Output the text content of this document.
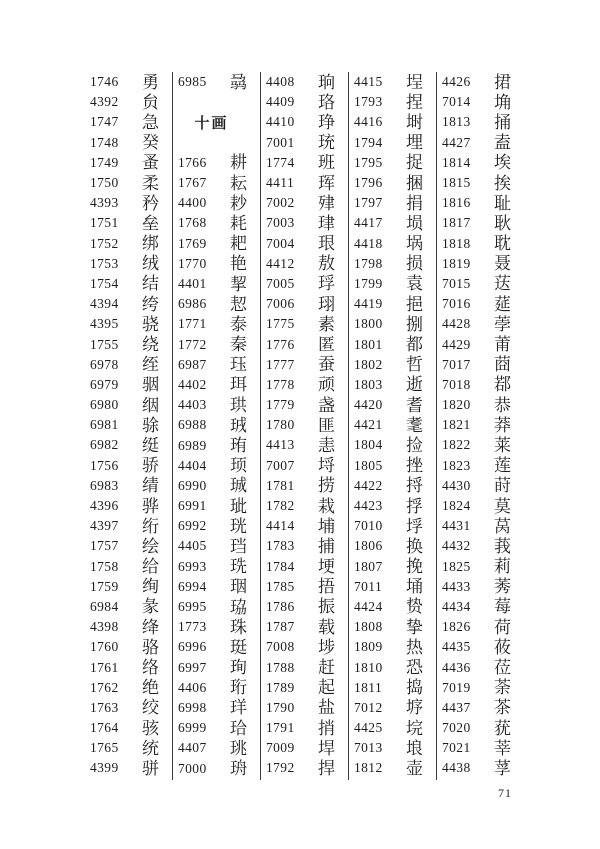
1746	勇
4392	贠
1747	急
1748	癸
1749	蚤
1750	柔
4393	矜
1751	垒
1752	绑
1753	绒
1754	结
4394	绔
4395	骁
1755	绕
6978	绖
6979	骃
6980	𬘡
6981	𬳿
6982	𬘩
1756	骄
6983	𬘬
4396	骅
4397	绗
1757	绘
1758	给
1759	绚
6984	彖
4398	绛
1760	骆
1761	络
1762	绝
1763	绞
1764	骇
1765	统
4399	骈
6985	骉
十画
1766	耕
1767	耘
4400	耖
1768	耗
1769	耙
1770	艳
4401	挈
6986	恝
1771	泰
1772	秦
6987	珏
4402	珥
4403	珙
6988	珬
6989	珛
4404	顼
6990	珹
6991	玼
6992	珖
4405	珰
6993	珗
6994	珚
6995	珕
1773	珠
6996	珽
6997	珣
4406	珩
6998	珜
6999	珨
4407	珧
7000	珘
4408	珦
4409	珞
4410	琤
7001	珫
1774	班
4411	珲
7002	肂
7003	珒
7004	珢
4412	敖
7005	琈
7006	珝
1775	素
1776	匿
1777	蚕
1778	顽
1779	盏
1780	匪
4413	恚
7007	埒
1781	捞
1782	栽
4414	埔
1783	捕
1784	埂
1785	捂
1786	振
1787	载
7008	埗
1788	赶
1789	起
1790	盐
1791	捎
7009	垾
1792	捍
4415	埕
1793	捏
4416	埘
1794	埋
1795	捉
1796	捆
1797	捐
4417	埙
4418	埚
1798	损
1799	袁
4419	挹
1800	捌
1801	都
1802	哲
1803	逝
4420	耆
4421	耄
1804	捡
1805	挫
4422	捋
4423	捊
7010	垺
1806	换
1807	挽
7011	埇
4424	贽
1808	挚
1809	热
1810	恐
1811	捣
7012	垿
4425	垸
7013	埌
1812	壶
4426	捃
7014	埆
1813	捅
4427	盍
1814	埃
1815	挨
1816	耻
1817	耿
1818	耽
1819	聂
7015	荙
7016	莚
4428	荸
4429	莆
7017	莔
7018	鄀
1820	恭
1821	莽
1822	莱
1823	莲
4430	莳
1824	莫
4431	莴
4432	莪
1825	莉
4433	莠
4434	莓
1826	荷
4435	莜
4436	莅
7019	荼
4437	茶
7020	莸
7021	莘
4438	莩
71
